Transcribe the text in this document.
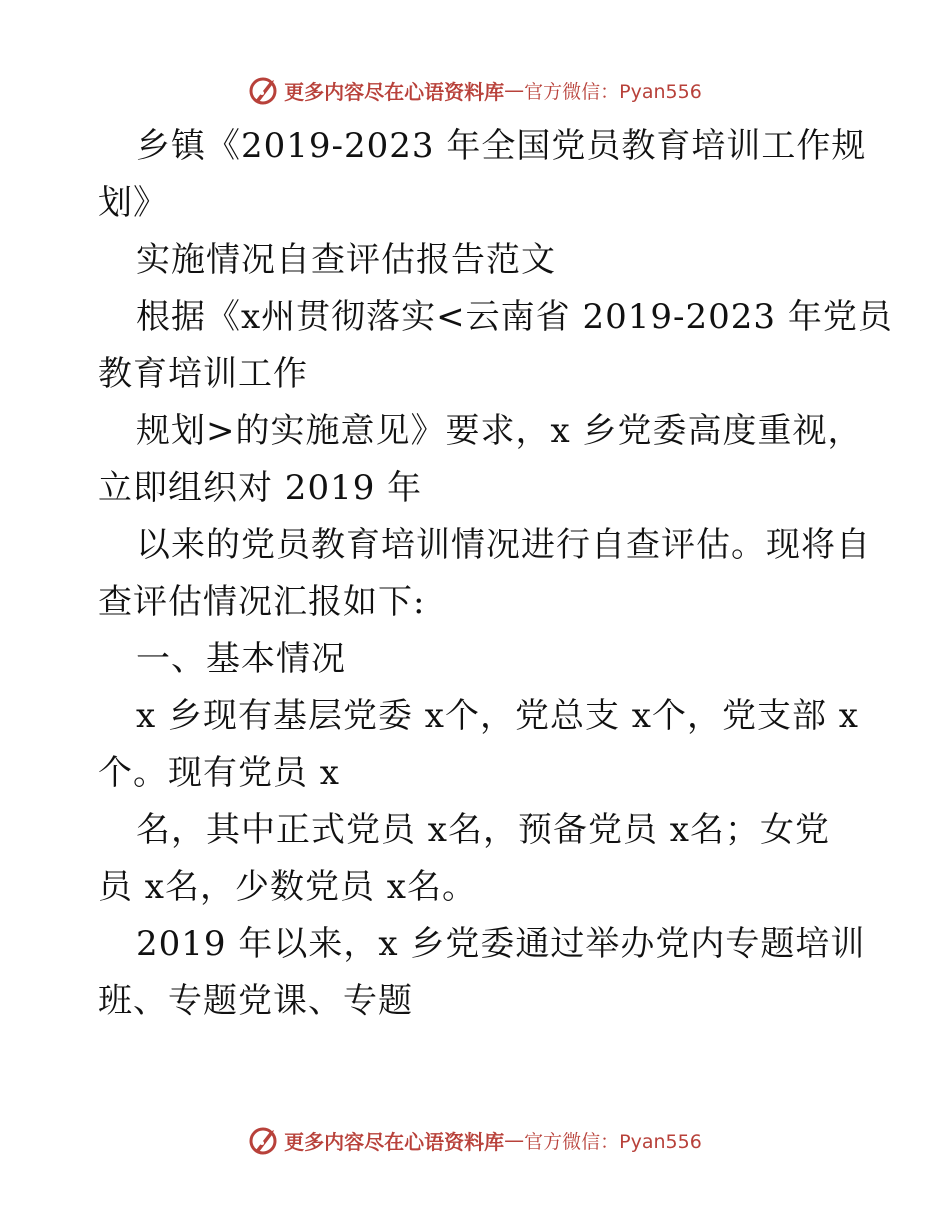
更多内容尽在心语资料库 — 官方微信：Pyan556
乡镇《2019-2023 年全国党员教育培训工作规
划》
实施情况自查评估报告范文
根据《x州贯彻落实<云南省 2019-2023 年党员
教育培训工作
规划>的实施意见》要求，x 乡党委高度重视，
立即组织对 2019 年
以来的党员教育培训情况进行自查评估。现将自
查评估情况汇报如下:
一、基本情况
x 乡现有基层党委 x个，党总支 x个，党支部 x
个。现有党员 x
名，其中正式党员 x名，预备党员 x名；女党
员 x名，少数党员 x名。
2019 年以来，x 乡党委通过举办党内专题培训
班、专题党课、专题
更多内容尽在心语资料库 — 官方微信：Pyan556
